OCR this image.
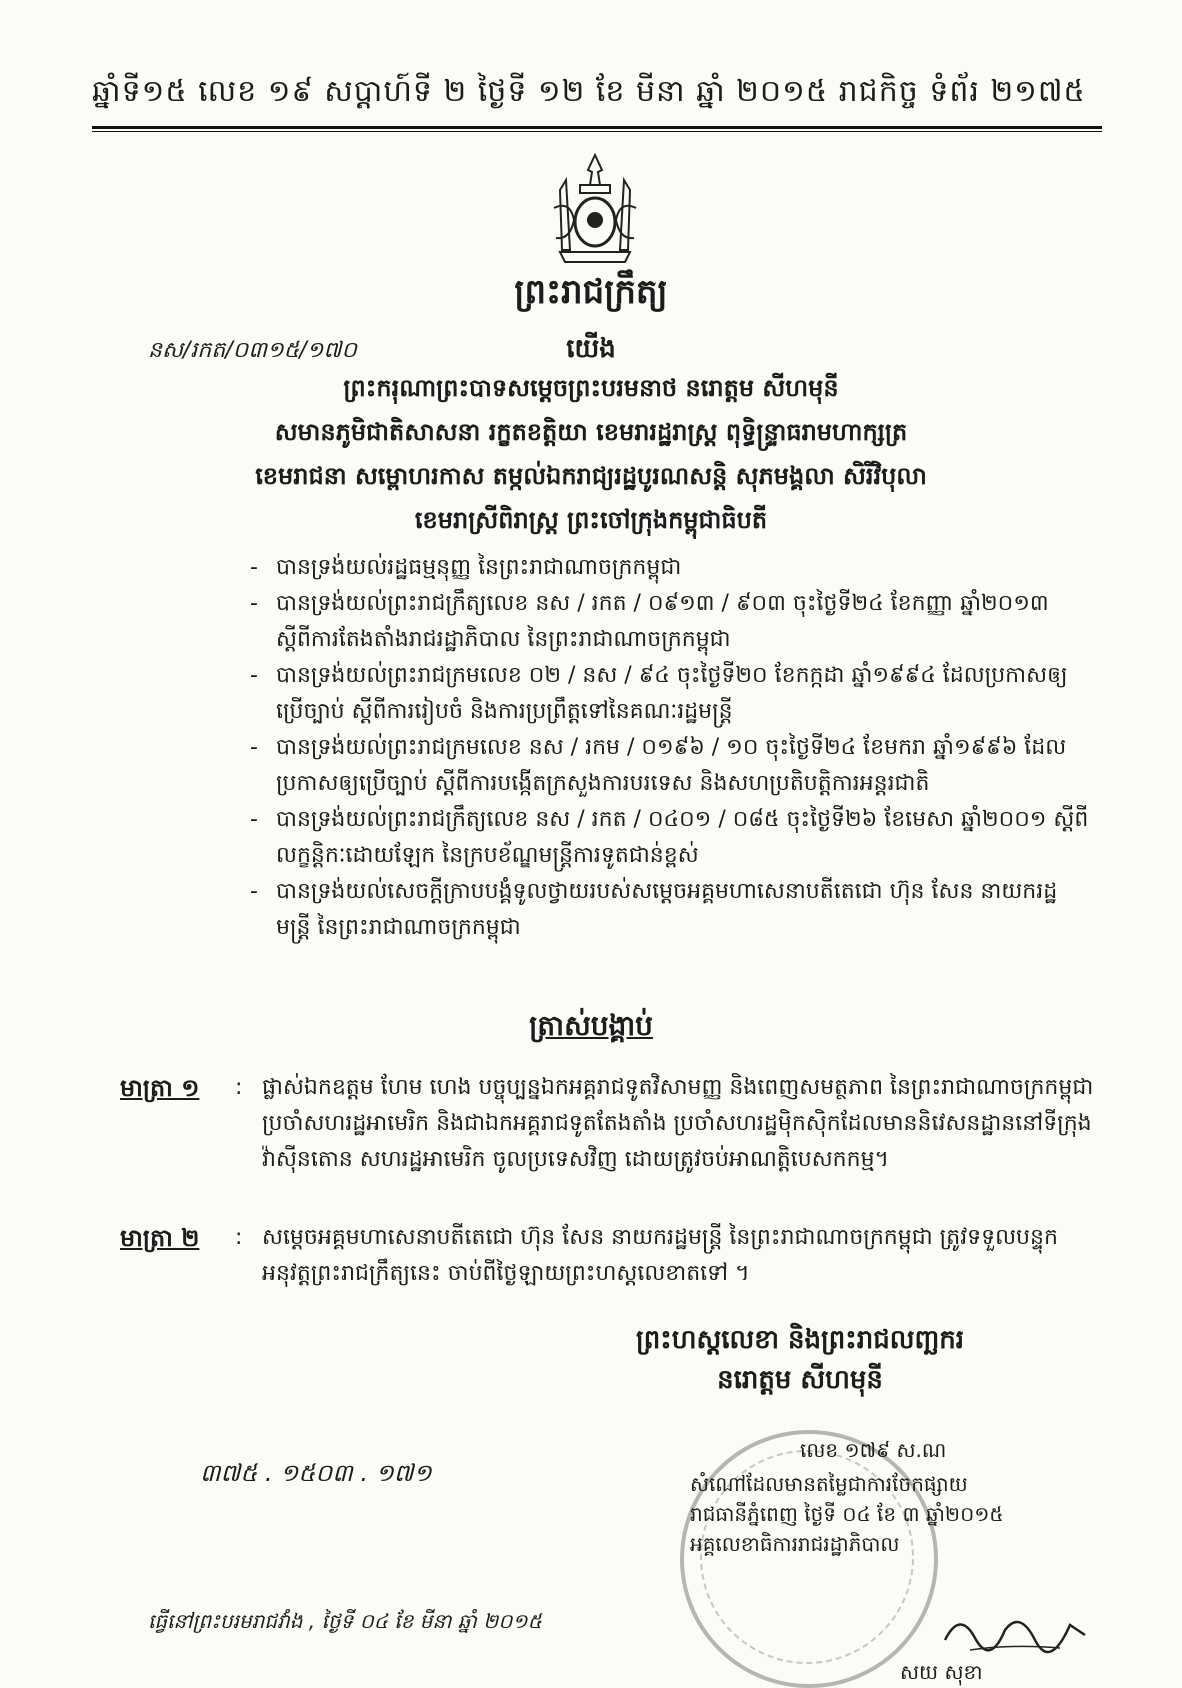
ឆ្នាំទី១៥ លេខ ១៩ សប្តាហ៍ទី ២ ថ្ងៃទី ១២ ខែ មីនា ឆ្នាំ ២០១៥ រាជកិច្ច ទំព័រ ២១៧៥
ព្រះរាជក្រឹត្យ
នស/រកត/០៣១៥/១៧០	យើង
ព្រះករុណាព្រះបាទសម្តេចព្រះបរមនាថ នរោត្តម សីហមុនី
សមានភូមិជាតិសាសនា រក្ខតខត្តិយា ខេមរារដ្ឋរាស្ត្រ ពុទ្ធិន្ទ្រាធរាមហាក្សត្រ
ខេមរាជនា សម្ពោហរកាស តម្កល់ឯករាជ្យរដ្ឋបូរណសន្តិ សុភមង្គលា សិរីវិបុលា
ខេមរាស្រីពិរាស្ត្រ ព្រះចៅក្រុងកម្ពុជាធិបតី

- បានទ្រង់យល់រដ្ឋធម្មនុញ្ញ នៃព្រះរាជាណាចក្រកម្ពុជា

- បានទ្រង់យល់ព្រះរាជក្រឹត្យលេខ នស / រកត / ០៩១៣ / ៩០៣ ចុះថ្ងៃទី២៤ ខែកញ្ញា ឆ្នាំ២០១៣ ស្តីពីការតែងតាំងរាជរដ្ឋាភិបាល នៃព្រះរាជាណាចក្រកម្ពុជា

- បានទ្រង់យល់ព្រះរាជក្រមលេខ ០២ / នស / ៩៤ ចុះថ្ងៃទី២០ ខែកក្កដា ឆ្នាំ១៩៩៤ ដែលប្រកាសឲ្យប្រើច្បាប់ ស្តីពីការរៀបចំ និងការប្រព្រឹត្តទៅនៃគណៈរដ្ឋមន្ត្រី

- បានទ្រង់យល់ព្រះរាជក្រមលេខ នស / រកម / ០១៩៦ / ១០ ចុះថ្ងៃទី២៤ ខែមករា ឆ្នាំ១៩៩៦ ដែលប្រកាសឲ្យប្រើច្បាប់ ស្តីពីការបង្កើតក្រសួងការបរទេស និងសហប្រតិបត្តិការអន្តរជាតិ

- បានទ្រង់យល់ព្រះរាជក្រឹត្យលេខ នស / រកត / ០៤០១ / ០៨៥ ចុះថ្ងៃទី២៦ ខែមេសា ឆ្នាំ២០០១ ស្តីពីលក្ខន្តិកៈដោយឡែក នៃក្របខ័ណ្ឌមន្ត្រីការទូតជាន់ខ្ពស់

- បានទ្រង់យល់សេចក្តីក្រាបបង្គំទូលថ្វាយរបស់សម្តេចអគ្គមហាសេនាបតីតេជោ ហ៊ុន សែន នាយករដ្ឋមន្ត្រី នៃព្រះរាជាណាចក្រកម្ពុជា

ត្រាស់បង្គាប់
មាត្រា ១ : ផ្លាស់ឯកឧត្តម ហែម ហេង បច្ចុប្បន្នឯកអគ្គរាជទូតវិសាមញ្ញ និងពេញសមត្ថភាព នៃព្រះរាជាណាចក្រកម្ពុជា ប្រចាំសហរដ្ឋអាមេរិក និងជាឯកអគ្គរាជទូតតែងតាំង ប្រចាំសហរដ្ឋម៉ិកស៊ិកដែលមាននិវេសនដ្ឋាននៅទីក្រុងវ៉ាស៊ីនតោន សហរដ្ឋអាមេរិក ចូលប្រទេសវិញ ដោយត្រូវចប់អាណត្តិបេសកកម្ម។
មាត្រា ២ : សម្តេចអគ្គមហាសេនាបតីតេជោ ហ៊ុន សែន នាយករដ្ឋមន្ត្រី នៃព្រះរាជាណាចក្រកម្ពុជា ត្រូវទទួលបន្ទុកអនុវត្តព្រះរាជក្រឹត្យនេះ ចាប់ពីថ្ងៃឡាយព្រះហស្តលេខាតទៅ ។
ព្រះហស្តលេខា និងព្រះរាជលញ្ឆករ
នរោត្តម សីហមុនី
៣៧៥ . ១៥០៣ . ១៧១
លេខ ១៧៩ ស.ណ
សំណៅដែលមានតម្លៃជាការចែកផ្សាយ
រាជធានីភ្នំពេញ ថ្ងៃទី ០៤ ខែ ៣ ឆ្នាំ២០១៥
អគ្គលេខាធិការរាជរដ្ឋាភិបាល
សយ សុខា
ធ្វើនៅព្រះបរមរាជវាំង , ថ្ងៃទី ០៤ ខែ មីនា ឆ្នាំ ២០១៥
